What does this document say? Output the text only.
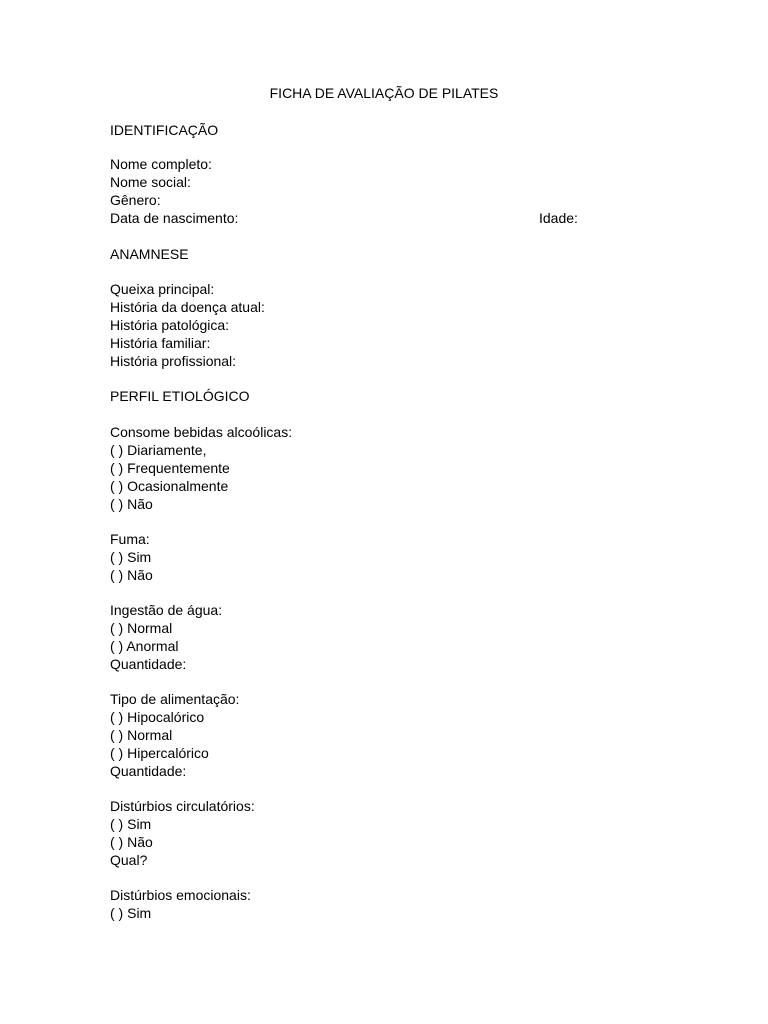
FICHA DE AVALIAÇÃO DE PILATES
IDENTIFICAÇÃO
Nome completo:
Nome social:
Gênero:
Data de nascimento:	Idade:
ANAMNESE
Queixa principal:
História da doença atual:
História patológica:
História familiar:
História profissional:
PERFIL ETIOLÓGICO
Consome bebidas alcoólicas:
( ) Diariamente,
( ) Frequentemente
( ) Ocasionalmente
( ) Não
Fuma:
( ) Sim
( ) Não
Ingestão de água:
( ) Normal
( ) Anormal
Quantidade:
Tipo de alimentação:
( ) Hipocalórico
( ) Normal
( ) Hipercalórico
Quantidade:
Distúrbios circulatórios:
( ) Sim
( ) Não
Qual?
Distúrbios emocionais:
( ) Sim
